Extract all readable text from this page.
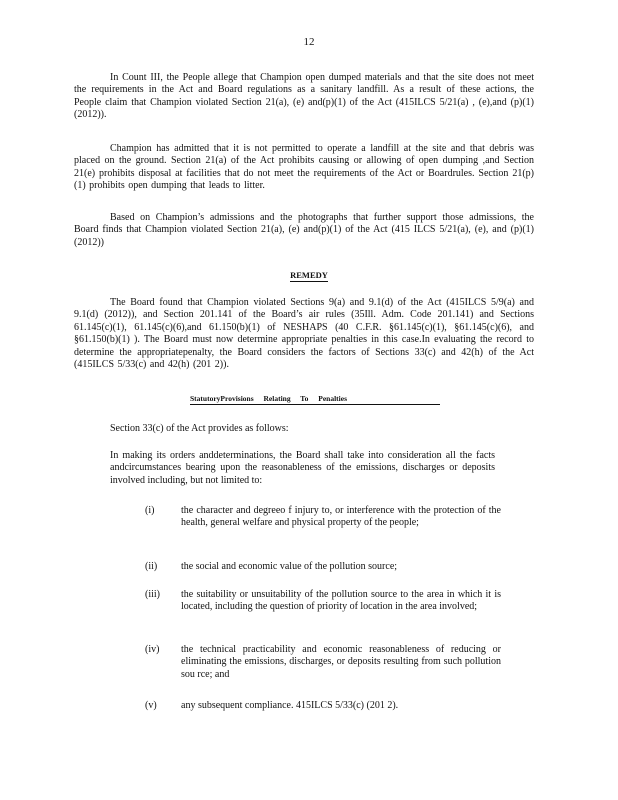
12
In Count III, the People allege that Champion open dumped materials and that the site does not meet the requirements in the Act and Board regulations as a sanitary landfill. As a result of these actions, the People claim that Champion violated Section 21(a), (e) and(p)(1) of the Act (415ILCS 5/21(a) , (e),and (p)(1) (2012)).
Champion has admitted that it is not permitted to operate a landfill at the site and that debris was placed on the ground. Section 21(a) of the Act prohibits causing or allowing of open dumping ,and Section 21(e) prohibits disposal at facilities that do not meet the requirements of the Act or Boardrules. Section 21(p)(1) prohibits open dumping that leads to litter.
Based on Champion’s admissions and the photographs that further support those admissions, the Board finds that Champion violated Section 21(a), (e) and(p)(1) of the Act (415 ILCS 5/21(a), (e), and (p)(1) (2012))
REMEDY
The Board found that Champion violated Sections 9(a) and 9.1(d) of the Act (415ILCS 5/9(a) and 9.1(d) (2012)), and Section 201.141 of the Board’s air rules (35Ill. Adm. Code 201.141) and Sections 61.145(c)(1), 61.145(c)(6),and 61.150(b)(1) of NESHAPS (40 C.F.R. §61.145(c)(1), §61.145(c)(6), and §61.150(b)(1) ). The Board must now determine appropriate penalties in this case.In evaluating the record to determine the appropriatepenalty, the Board considers the factors of Sections 33(c) and 42(h) of the Act (415ILCS 5/33(c) and 42(h) (201 2)).
StatutoryProvisions Relating To Penalties
Section 33(c) of the Act provides as follows:
In making its orders anddeterminations, the Board shall take into consideration all the facts andcircumstances bearing upon the reasonableness of the emissions, discharges or deposits involved including, but not limited to:
(i)	the character and degreeo f injury to, or interference with the protection of the health, general welfare and physical property of the people;
(ii)	the social and economic value of the pollution source;
(iii)	the suitability or unsuitability of the pollution source to the area in which it is located, including the question of priority of location in the area involved;
(iv)	the technical practicability and economic reasonableness of reducing or eliminating the emissions, discharges, or deposits resulting from such pollution sou rce; and
(v)	any subsequent compliance. 415ILCS 5/33(c) (201 2).
